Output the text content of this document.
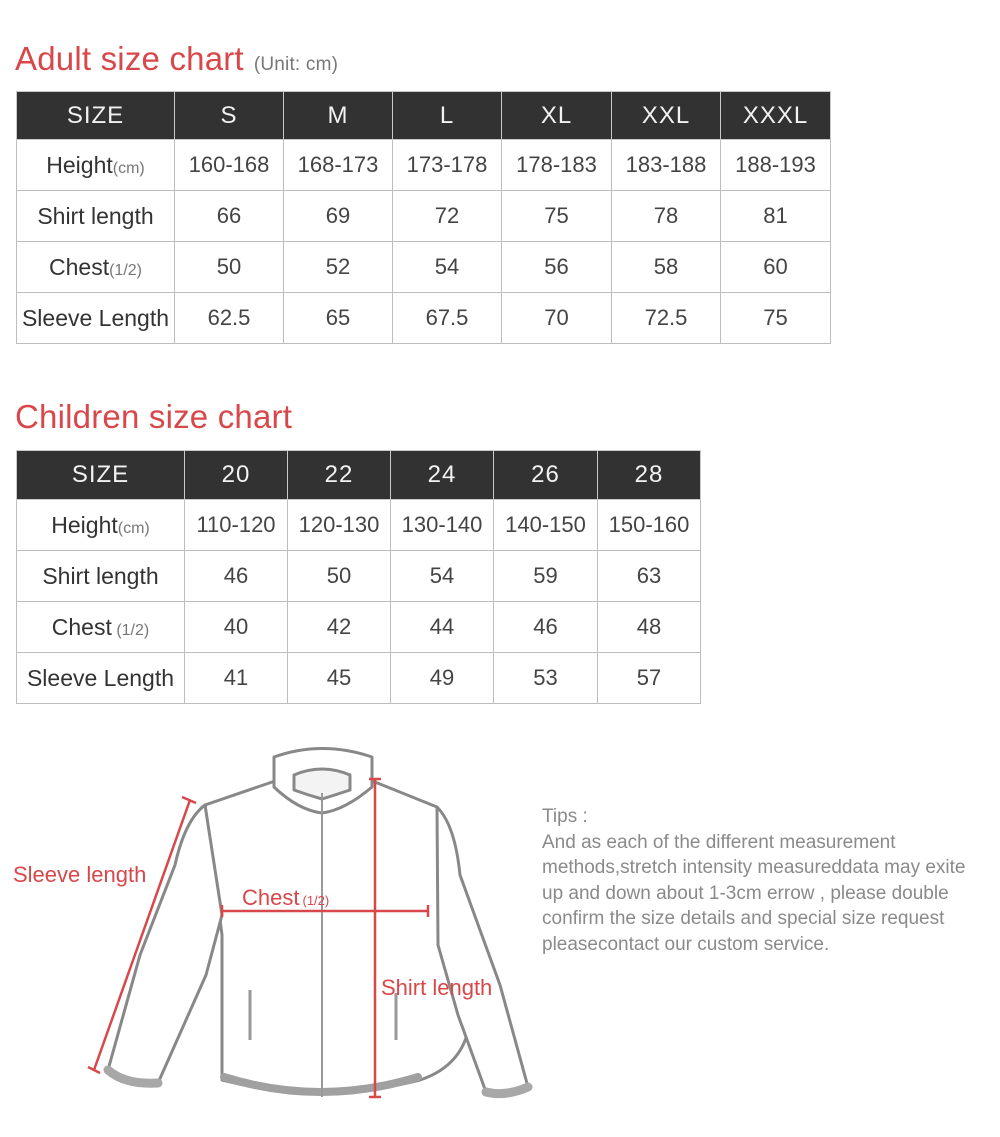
Adult size chart (Unit: cm)
SIZE	S	M	L	XL	XXL	XXXL
Height(cm)	160-168	168-173	173-178	178-183	183-188	188-193
Shirt length	66	69	72	75	78	81
Chest(1/2)	50	52	54	56	58	60
Sleeve Length	62.5	65	67.5	70	72.5	75
Children size chart
SIZE	20	22	24	26	28
Height(cm)	110-120	120-130	130-140	140-150	150-160
Shirt length	46	50	54	59	63
Chest (1/2)	40	42	44	46	48
Sleeve Length	41	45	49	53	57
Sleeve length
Chest (1/2)
Shirt length

Tips :
And as each of the different measurement methods,stretch intensity measureddata may exite up and down about 1-3cm errow , please double confirm the size details and special size request pleasecontact our custom service.
